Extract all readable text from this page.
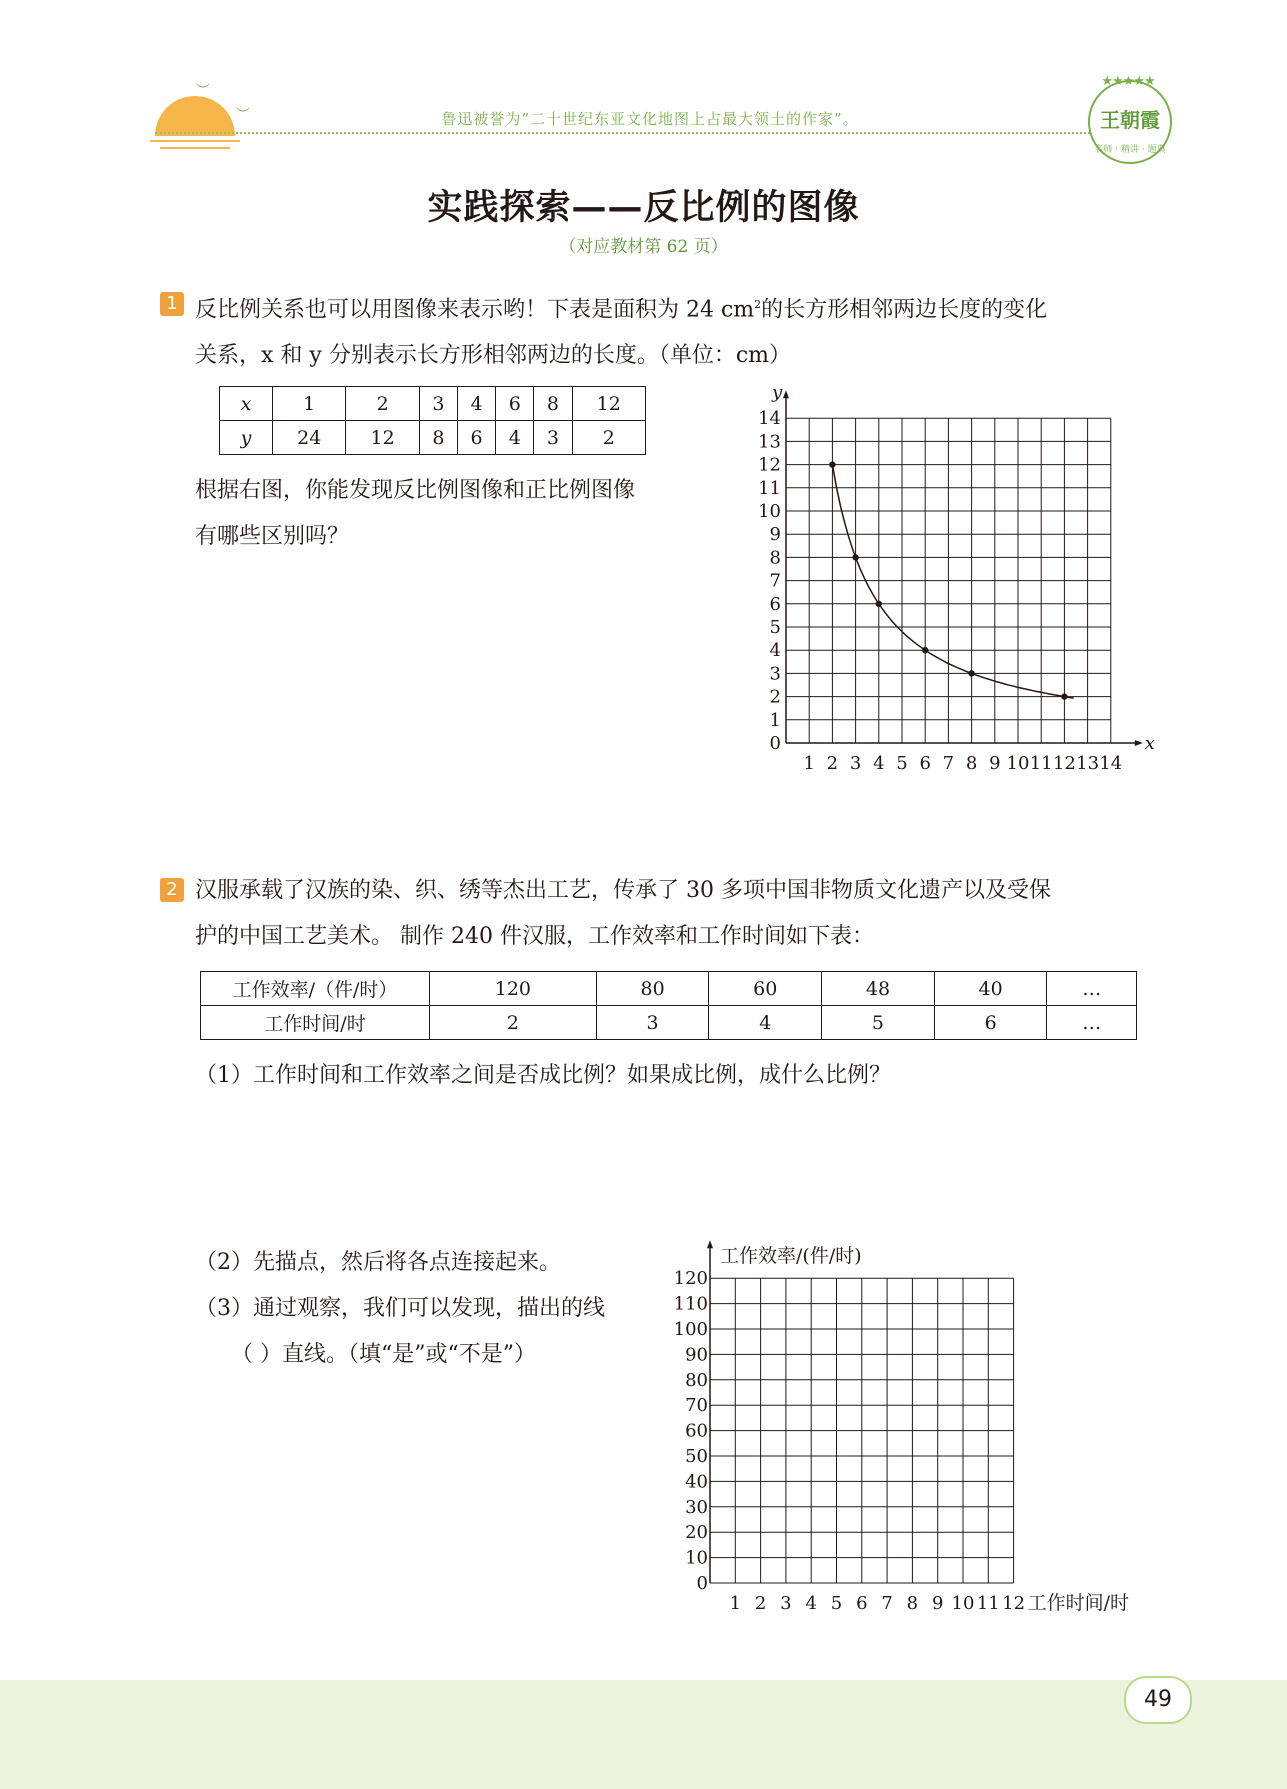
︶
︶	鲁迅被誉为“二十世纪东亚文化地图上占最大领土的作家”。
★★★★★
王朝霞
名师 · 精讲 · 题典
实践探索——反比例的图像
（对应教材第 62 页）
1 反比例关系也可以用图像来表示哟！下表是面积为 24 $cm^2$的长方形相邻两边长度的变化
关系，x 和 y 分别表示长方形相邻两边的长度。（单位：cm）
x	1	2	3	4	6	8	12
y	24	12	8	6	4	3	2
根据右图，你能发现反比例图像和正比例图像
有哪些区别吗？
x
y
1 2 3 4 5 6 7 8 9 10 11 12 13 14
0
1
2
3
4
5
6
7
8
9
10
11
12
13
14
2 汉服承载了汉族的染、织、绣等杰出工艺，传承了 30 多项中国非物质文化遗产以及受保
护的中国工艺美术。 制作 240 件汉服，工作效率和工作时间如下表：
工作效率/（件/时）	120	80	60	48	40	…
工作时间/时	2	3	4	5	6	…
（1）工作时间和工作效率之间是否成比例？如果成比例，成什么比例？
（2）先描点，然后将各点连接起来。
（3）通过观察，我们可以发现，描出的线
（ ）直线。（填“是”或“不是”）
工作效率/(件/时)
1 2 3 4 5 6 7 8 9 10 11 12 工作时间/时
0
10
20
30
40
50
60
70
80
90
100
110
120
49
